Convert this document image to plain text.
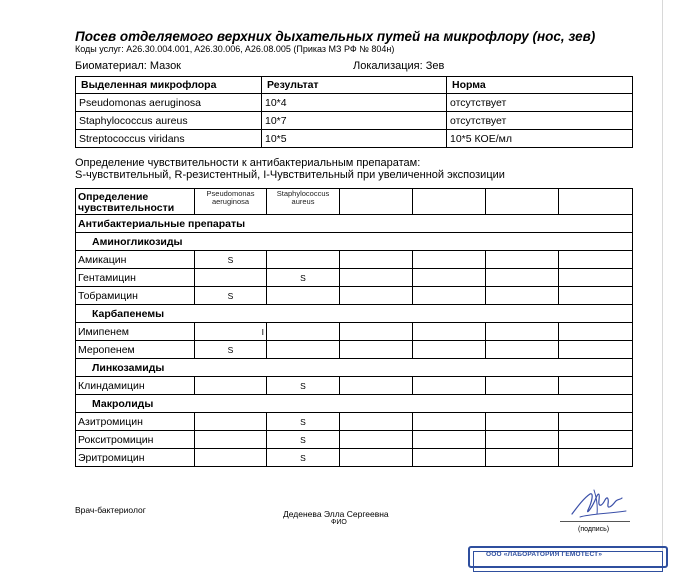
Посев отделяемого верхних дыхательных путей на микрофлору (нос, зев)
Коды услуг: A26.30.004.001, A26.30.006, A26.08.005 (Приказ МЗ РФ № 804н)
Биоматериал: Мазок	Локализация: Зев
Выделенная микрофлора	Результат	Норма
Pseudomonas aeruginosa	10*4	отсутствует
Staphylococcus aureus	10*7	отсутствует
Streptococcus viridans	10*5	10*5 КОЕ/мл
Определение чувствительности к антибактериальным препаратам:
S-чувствительный, R-резистентный, I-Чувствительный при увеличенной экспозиции
Определение чувствительности	Pseudomonas aeruginosa	Staphylococcus aureus				
Антибактериальные препараты						
Аминогликозиды						
Амикацин	S					
Гентамицин		S				
Тобрамицин	S					
Карбапенемы						
Имипенем	I					
Меропенем	S					
Линкозамиды						
Клиндамицин		S				
Макролиды						
Азитромицин		S				
Рокситромицин		S				
Эритромицин		S				
Врач-бактериолог	Деденева Элла Сергеевна
ФИО
(подпись)
ООО «ЛАБОРАТОРИЯ ГЕМОТЕСТ»
